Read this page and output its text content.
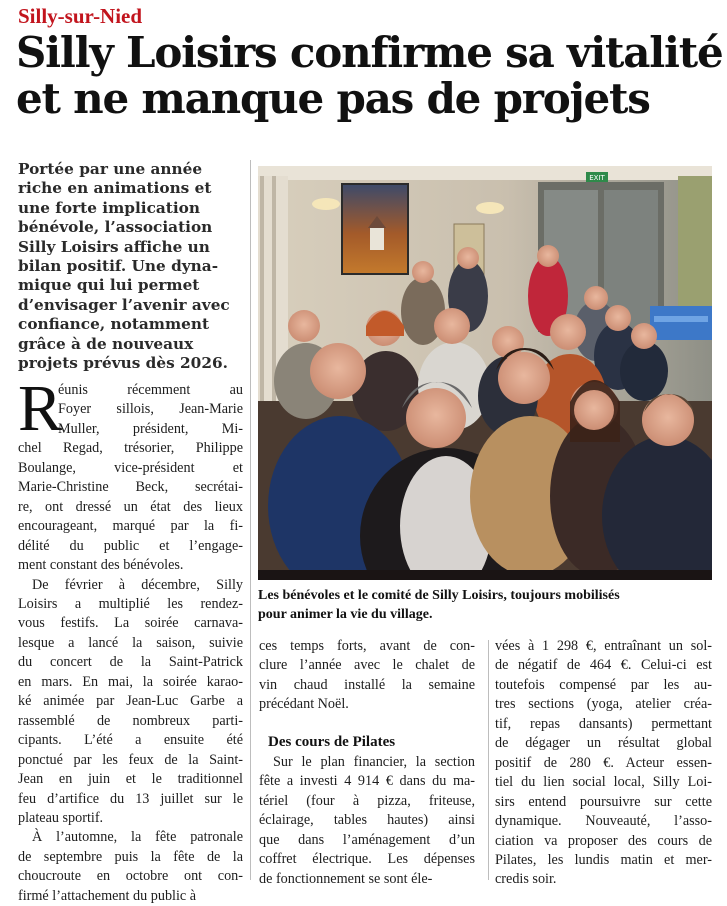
Silly-sur-Nied
Silly Loisirs confirme sa vitalité
et ne manque pas de projets
Portée par une année
riche en animations et
une forte implication
bénévole, l’association
Silly Loisirs affiche un
bilan positif. Une dyna-
mique qui lui permet
d’envisager l’avenir avec
confiance, notamment
grâce à de nouveaux
projets prévus dès 2026.
R
éunis récemment au
Foyer sillois, Jean-Marie
Muller, président, Mi-
chel Regad, trésorier, Philippe
Boulange, vice-président et
Marie-Christine Beck, secrétai-
re, ont dressé un état des lieux
encourageant, marqué par la fi-
délité du public et l’engage-
ment constant des bénévoles.
De février à décembre, Silly
Loisirs a multiplié les rendez-
vous festifs. La soirée carnava-
lesque a lancé la saison, suivie
du concert de la Saint-Patrick
en mars. En mai, la soirée karao-
ké animée par Jean-Luc Garbe a
rassemblé de nombreux parti-
cipants. L’été a ensuite été
ponctué par les feux de la Saint-
Jean en juin et le traditionnel
feu d’artifice du 13 juillet sur le
plateau sportif.
À l’automne, la fête patronale
de septembre puis la fête de la
choucroute en octobre ont con-
firmé l’attachement du public à
EXIT
Les bénévoles et le comité de Silly Loisirs, toujours mobilisés
pour animer la vie du village.
ces temps forts, avant de con-
clure l’année avec le chalet de
vin chaud installé la semaine
précédant Noël.
Des cours de Pilates
Sur le plan financier, la section
fête a investi 4 914 € dans du ma-
tériel (four à pizza, friteuse,
éclairage, tables hautes) ainsi
que dans l’aménagement d’un
coffret électrique. Les dépenses
de fonctionnement se sont éle-
vées à 1 298 €, entraînant un sol-
de négatif de 464 €. Celui-ci est
toutefois compensé par les au-
tres sections (yoga, atelier créa-
tif, repas dansants) permettant
de dégager un résultat global
positif de 280 €. Acteur essen-
tiel du lien social local, Silly Loi-
sirs entend poursuivre sur cette
dynamique. Nouveauté, l’asso-
ciation va proposer des cours de
Pilates, les lundis matin et mer-
credis soir.
